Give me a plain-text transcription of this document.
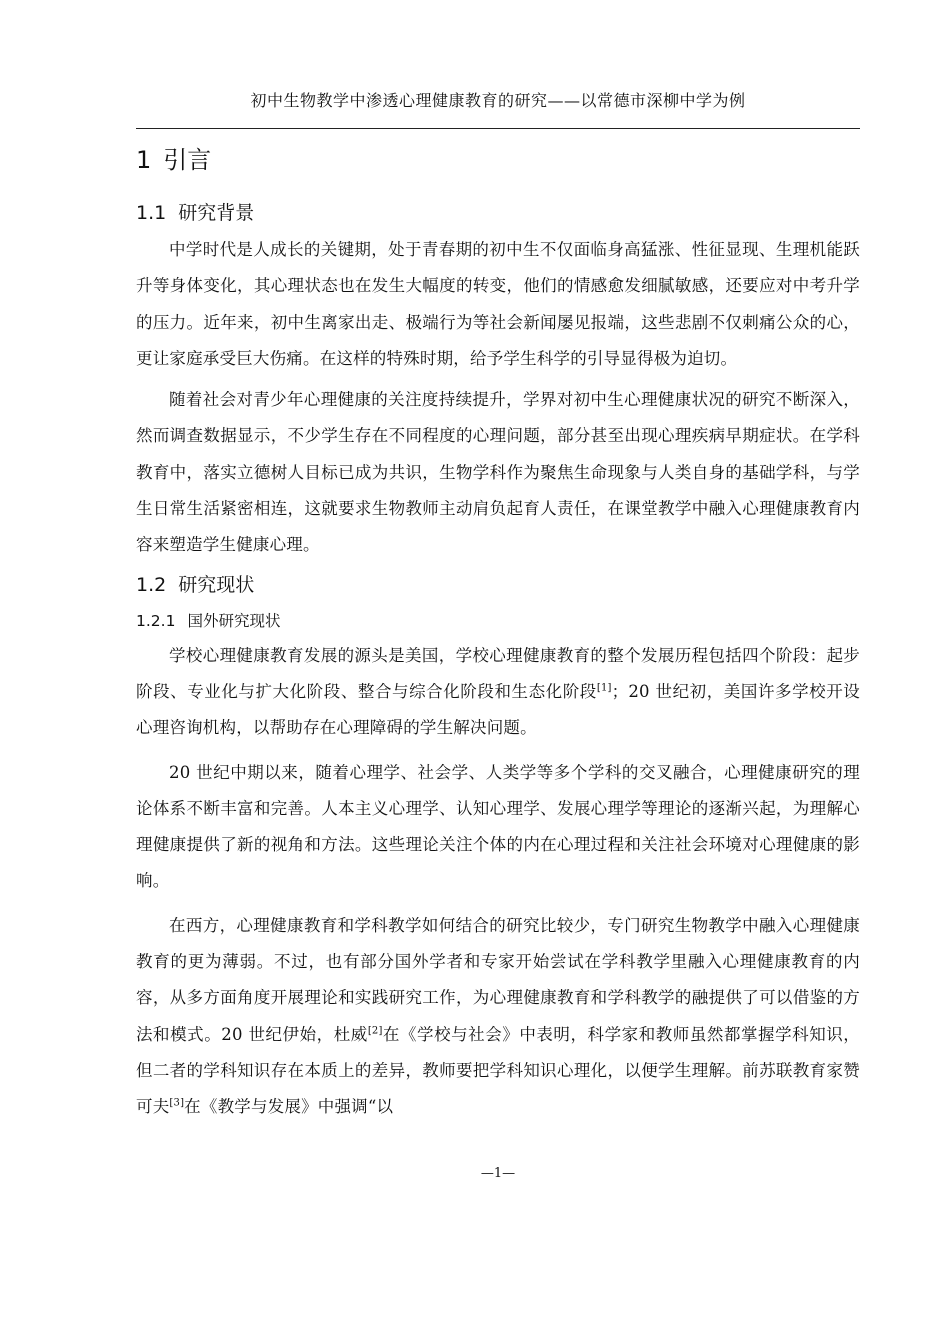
初中生物教学中渗透心理健康教育的研究——以常德市深柳中学为例
1 引言
1.1 研究背景

中学时代是人成长的关键期，处于青春期的初中生不仅面临身高猛涨、性征显现、生理机能跃升等身体变化，其心理状态也在发生大幅度的转变，他们的情感愈发细腻敏感，还要应对中考升学的压力。近年来，初中生离家出走、极端行为等社会新闻屡见报端，这些悲剧不仅刺痛公众的心，更让家庭承受巨大伤痛。在这样的特殊时期，给予学生科学的引导显得极为迫切。

随着社会对青少年心理健康的关注度持续提升，学界对初中生心理健康状况的研究不断深入，然而调查数据显示，不少学生存在不同程度的心理问题，部分甚至出现心理疾病早期症状。在学科教育中，落实立德树人目标已成为共识，生物学科作为聚焦生命现象与人类自身的基础学科，与学生日常生活紧密相连，这就要求生物教师主动肩负起育人责任，在课堂教学中融入心理健康教育内容来塑造学生健康心理。

1.2 研究现状
1.2.1 国外研究现状

学校心理健康教育发展的源头是美国，学校心理健康教育的整个发展历程包括四个阶段：起步阶段、专业化与扩大化阶段、整合与综合化阶段和生态化阶段[1]；20 世纪初，美国许多学校开设心理咨询机构，以帮助存在心理障碍的学生解决问题。

20 世纪中期以来，随着心理学、社会学、人类学等多个学科的交叉融合，心理健康研究的理论体系不断丰富和完善。人本主义心理学、认知心理学、发展心理学等理论的逐渐兴起，为理解心理健康提供了新的视角和方法。这些理论关注个体的内在心理过程和关注社会环境对心理健康的影响。

在西方，心理健康教育和学科教学如何结合的研究比较少，专门研究生物教学中融入心理健康教育的更为薄弱。不过，也有部分国外学者和专家开始尝试在学科教学里融入心理健康教育的内容，从多方面角度开展理论和实践研究工作，为心理健康教育和学科教学的融提供了可以借鉴的方法和模式。20 世纪伊始，杜威[2]在《学校与社会》中表明，科学家和教师虽然都掌握学科知识，但二者的学科知识存在本质上的差异，教师要把学科知识心理化，以便学生理解。前苏联教育家赞可夫[3]在《教学与发展》中强调“以

—1—
